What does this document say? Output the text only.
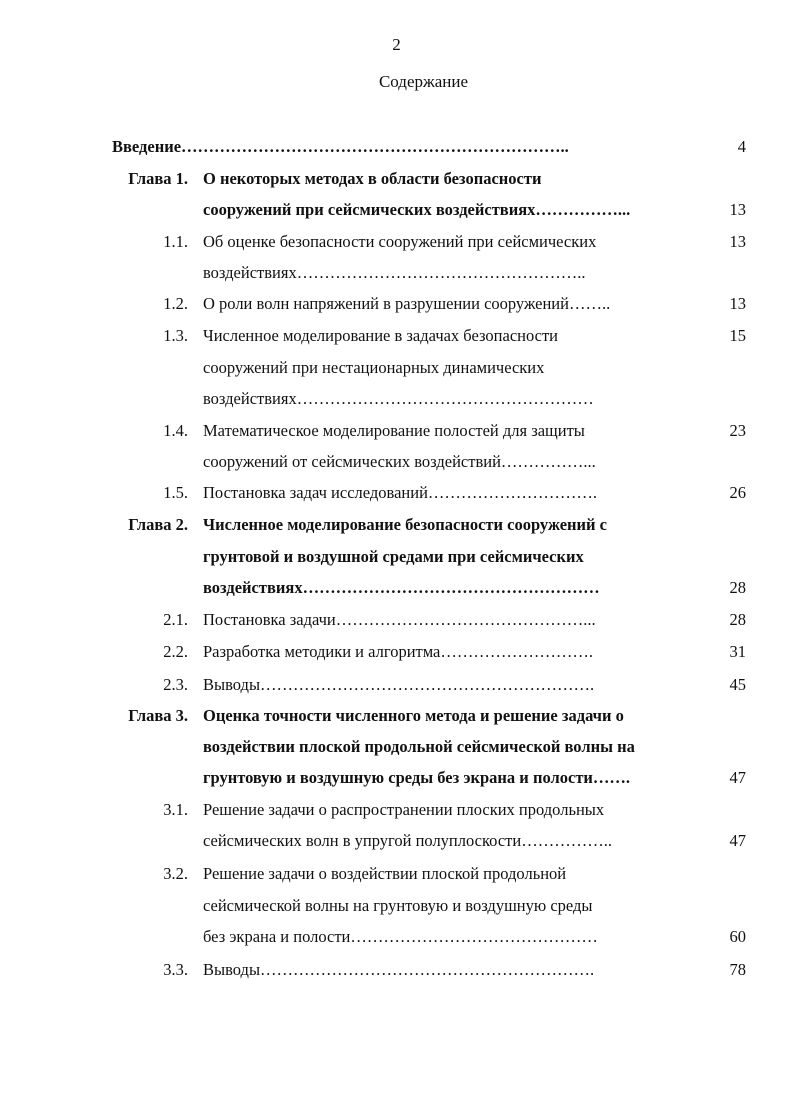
2
Содержание
Введение……………………………………………………………..	4
Глава 1. О некоторых методах в области безопасности
сооружений при сейсмических воздействиях……………...	13
1.1. Об оценке безопасности сооружений при сейсмических	13
воздействиях……………………………………………..
1.2. О роли волн напряжений в разрушении сооружений……..	13
1.3. Численное моделирование в задачах безопасности	15
сооружений при нестационарных динамических
воздействиях………………………………………………
1.4. Математическое моделирование полостей для защиты	23
сооружений от сейсмических воздействий……………...
1.5. Постановка задач исследований………………………….	26
Глава 2. Численное моделирование безопасности сооружений с
грунтовой и воздушной средами при сейсмических
воздействиях………………………………………………	28
2.1. Постановка задачи………………………………………...	28
2.2. Разработка методики и алгоритма……………………….	31
2.3. Выводы…………………………………………………….	45
Глава 3. Оценка точности численного метода и решение задачи о
воздействии плоской продольной сейсмической волны на
грунтовую и воздушную среды без экрана и полости…….	47
3.1. Решение задачи о распространении плоских продольных
сейсмических волн в упругой полуплоскости……………..	47
3.2. Решение задачи о воздействии плоской продольной
сейсмической волны на грунтовую и воздушную среды
без экрана и полости………………………………………	60
3.3. Выводы…………………………………………………….	78
